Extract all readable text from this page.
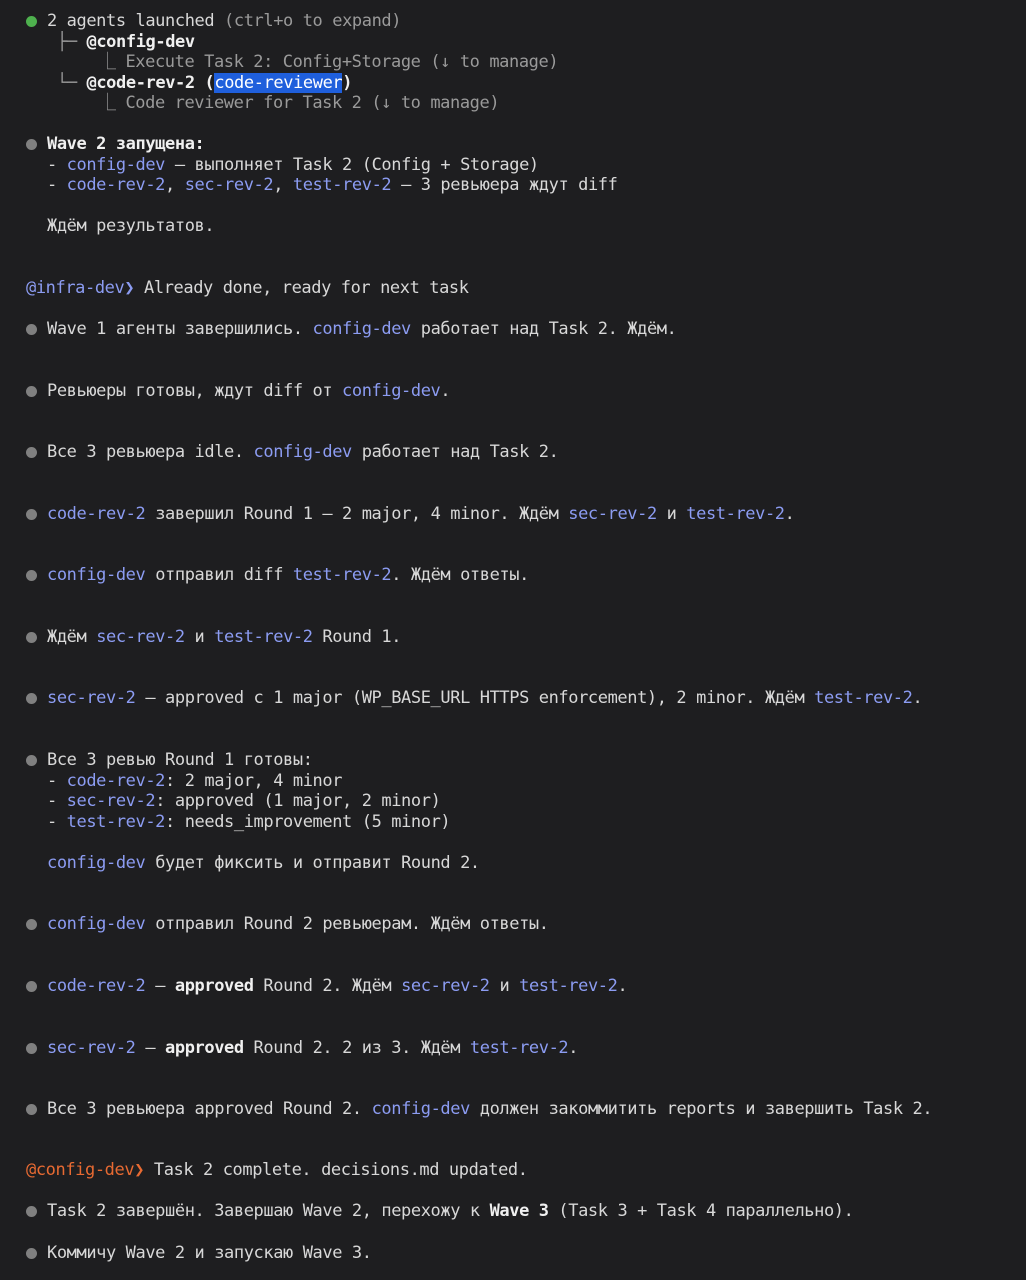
2 agents launched (ctrl+o to expand)
├─ @config-dev
⎿ Execute Task 2: Config+Storage (↓ to manage)
└─ @code-rev-2 (code-reviewer)
⎿ Code reviewer for Task 2 (↓ to manage)
Wave 2 запущена:
- config-dev — выполняет Task 2 (Config + Storage)
- code-rev-2, sec-rev-2, test-rev-2 — 3 ревьюера ждут diff
Ждём результатов.
@infra-dev❯ Already done, ready for next task
Wave 1 агенты завершились. config-dev работает над Task 2. Ждём.
Ревьюеры готовы, ждут diff от config-dev.
Все 3 ревьюера idle. config-dev работает над Task 2.
code-rev-2 завершил Round 1 — 2 major, 4 minor. Ждём sec-rev-2 и test-rev-2.
config-dev отправил diff test-rev-2. Ждём ответы.
Ждём sec-rev-2 и test-rev-2 Round 1.
sec-rev-2 — approved с 1 major (WP_BASE_URL HTTPS enforcement), 2 minor. Ждём test-rev-2.
Все 3 ревью Round 1 готовы:
- code-rev-2: 2 major, 4 minor
- sec-rev-2: approved (1 major, 2 minor)
- test-rev-2: needs_improvement (5 minor)
config-dev будет фиксить и отправит Round 2.
config-dev отправил Round 2 ревьюерам. Ждём ответы.
code-rev-2 — approved Round 2. Ждём sec-rev-2 и test-rev-2.
sec-rev-2 — approved Round 2. 2 из 3. Ждём test-rev-2.
Все 3 ревьюера approved Round 2. config-dev должен закоммитить reports и завершить Task 2.
@config-dev❯ Task 2 complete. decisions.md updated.
Task 2 завершён. Завершаю Wave 2, перехожу к Wave 3 (Task 3 + Task 4 параллельно).
Коммичу Wave 2 и запускаю Wave 3.
